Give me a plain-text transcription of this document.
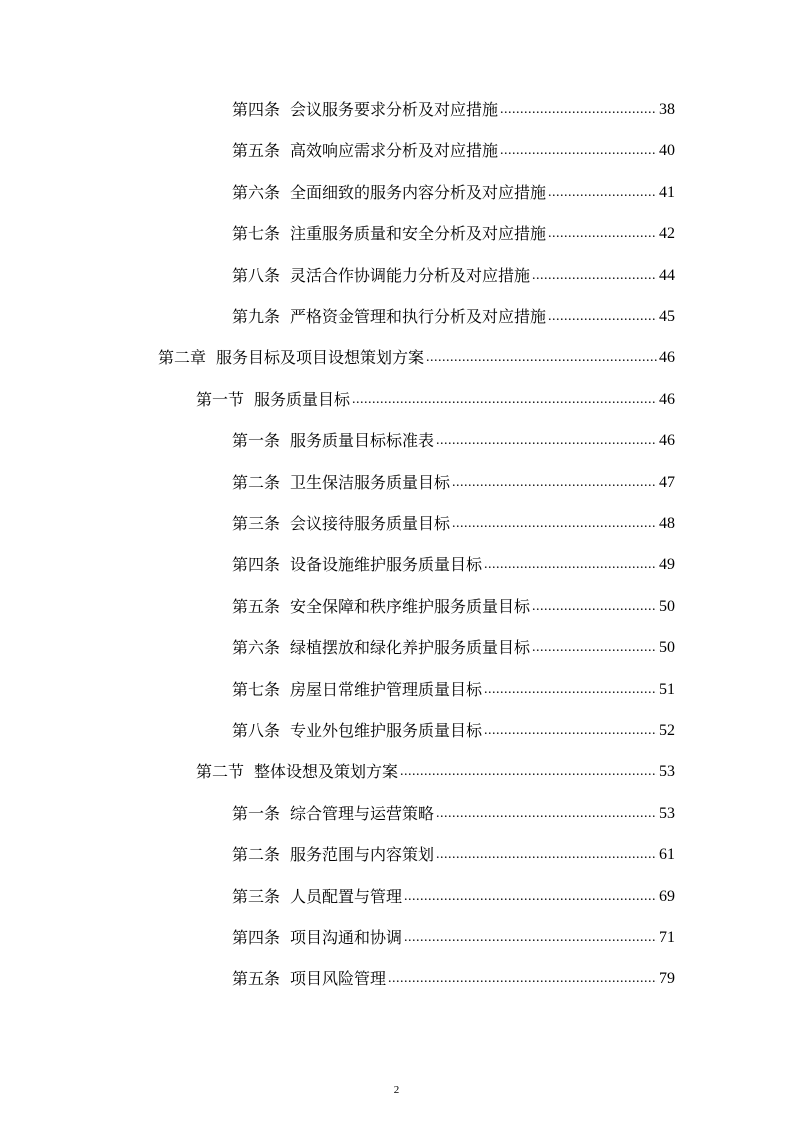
第四条 会议服务要求分析及对应措施 .....	38
第五条 高效响应需求分析及对应措施 .....	40
第六条 全面细致的服务内容分析及对应措施 .....	41
第七条 注重服务质量和安全分析及对应措施 .....	42
第八条 灵活合作协调能力分析及对应措施 .....	44
第九条 严格资金管理和执行分析及对应措施 .....	45
第二章 服务目标及项目设想策划方案 .....	46
第一节 服务质量目标 .....	46
第一条 服务质量目标标准表 .....	46
第二条 卫生保洁服务质量目标 .....	47
第三条 会议接待服务质量目标 .....	48
第四条 设备设施维护服务质量目标 .....	49
第五条 安全保障和秩序维护服务质量目标 .....	50
第六条 绿植摆放和绿化养护服务质量目标 .....	50
第七条 房屋日常维护管理质量目标 .....	51
第八条 专业外包维护服务质量目标 .....	52
第二节 整体设想及策划方案 .....	53
第一条 综合管理与运营策略 .....	53
第二条 服务范围与内容策划 .....	61
第三条 人员配置与管理 .....	69
第四条 项目沟通和协调 .....	71
第五条 项目风险管理 .....	79
2
